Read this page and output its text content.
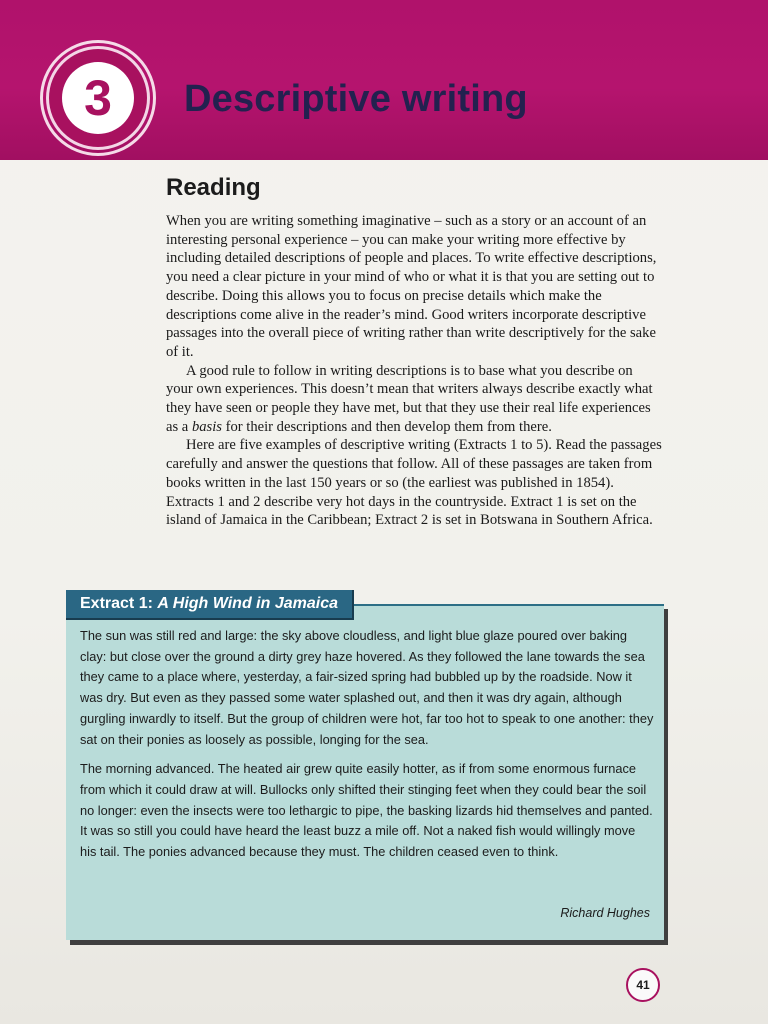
3	Descriptive writing
Reading

When you are writing something imaginative – such as a story or an account of an interesting personal experience – you can make your writing more effective by including detailed descriptions of people and places. To write effective descriptions, you need a clear picture in your mind of who or what it is that you are setting out to describe. Doing this allows you to focus on precise details which make the descriptions come alive in the reader’s mind. Good writers incorporate descriptive passages into the overall piece of writing rather than write descriptively for the sake of it.

A good rule to follow in writing descriptions is to base what you describe on your own experiences. This doesn’t mean that writers always describe exactly what they have seen or people they have met, but that they use their real life experiences as a basis for their descriptions and then develop them from there.

Here are five examples of descriptive writing (Extracts 1 to 5). Read the passages carefully and answer the questions that follow. All of these passages are taken from books written in the last 150 years or so (the earliest was published in 1854). Extracts 1 and 2 describe very hot days in the countryside. Extract 1 is set on the island of Jamaica in the Caribbean; Extract 2 is set in Botswana in Southern Africa.

Extract 1: A High Wind in Jamaica

The sun was still red and large: the sky above cloudless, and light blue glaze poured over baking clay: but close over the ground a dirty grey haze hovered. As they followed the lane towards the sea they came to a place where, yesterday, a fair-sized spring had bubbled up by the roadside. Now it was dry. But even as they passed some water splashed out, and then it was dry again, although gurgling inwardly to itself. But the group of children were hot, far too hot to speak to one another: they sat on their ponies as loosely as possible, longing for the sea.

The morning advanced. The heated air grew quite easily hotter, as if from some enormous furnace from which it could draw at will. Bullocks only shifted their stinging feet when they could bear the soil no longer: even the insects were too lethargic to pipe, the basking lizards hid themselves and panted. It was so still you could have heard the least buzz a mile off. Not a naked fish would willingly move his tail. The ponies advanced because they must. The children ceased even to think.

Richard Hughes
41
